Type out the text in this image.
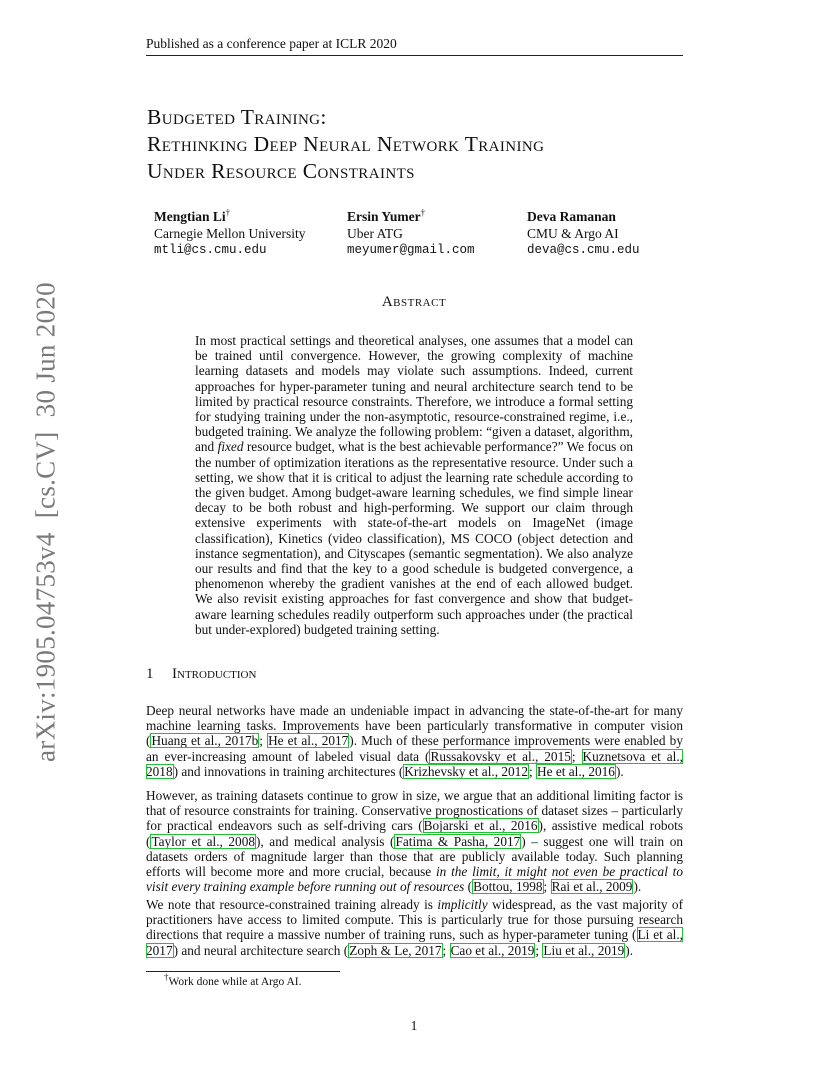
Published as a conference paper at ICLR 2020
Budgeted Training:
Rethinking Deep Neural Network Training
Under Resource Constraints
Mengtian Li†
Carnegie Mellon University
mtli@cs.cmu.edu
Ersin Yumer†
Uber ATG
meyumer@gmail.com
Deva Ramanan
CMU & Argo AI
deva@cs.cmu.edu
Abstract
In most practical settings and theoretical analyses, one assumes that a model can be trained until convergence. However, the growing complexity of machine learning datasets and models may violate such assumptions. Indeed, current approaches for hyper-parameter tuning and neural architecture search tend to be limited by practical resource constraints. Therefore, we introduce a formal setting for studying training under the non-asymptotic, resource-constrained regime, i.e., budgeted training. We analyze the following problem: “given a dataset, algorithm, and fixed resource budget, what is the best achievable performance?” We focus on the number of optimization iterations as the representative resource. Under such a setting, we show that it is critical to adjust the learning rate schedule according to the given budget. Among budget-aware learning schedules, we find simple linear decay to be both robust and high-performing. We support our claim through extensive experiments with state-of-the-art models on ImageNet (image classification), Kinetics (video classification), MS COCO (object detection and instance segmentation), and Cityscapes (semantic segmentation). We also analyze our results and find that the key to a good schedule is budgeted convergence, a phenomenon whereby the gradient vanishes at the end of each allowed budget. We also revisit existing approaches for fast convergence and show that budget-aware learning schedules readily outperform such approaches under (the practical but under-explored) budgeted training setting.
1 Introduction
Deep neural networks have made an undeniable impact in advancing the state-of-the-art for many machine learning tasks. Improvements have been particularly transformative in computer vision (Huang et al., 2017b; He et al., 2017). Much of these performance improvements were enabled by an ever-increasing amount of labeled visual data (Russakovsky et al., 2015; Kuznetsova et al., 2018) and innovations in training architectures (Krizhevsky et al., 2012; He et al., 2016).
However, as training datasets continue to grow in size, we argue that an additional limiting factor is that of resource constraints for training. Conservative prognostications of dataset sizes – particularly for practical endeavors such as self-driving cars (Bojarski et al., 2016), assistive medical robots (Taylor et al., 2008), and medical analysis (Fatima & Pasha, 2017) – suggest one will train on datasets orders of magnitude larger than those that are publicly available today. Such planning efforts will become more and more crucial, because in the limit, it might not even be practical to visit every training example before running out of resources (Bottou, 1998; Rai et al., 2009).
We note that resource-constrained training already is implicitly widespread, as the vast majority of practitioners have access to limited compute. This is particularly true for those pursuing research directions that require a massive number of training runs, such as hyper-parameter tuning (Li et al., 2017) and neural architecture search (Zoph & Le, 2017; Cao et al., 2019; Liu et al., 2019).
†Work done while at Argo AI.
1
arXiv:1905.04753v4  [cs.CV]  30 Jun 2020
